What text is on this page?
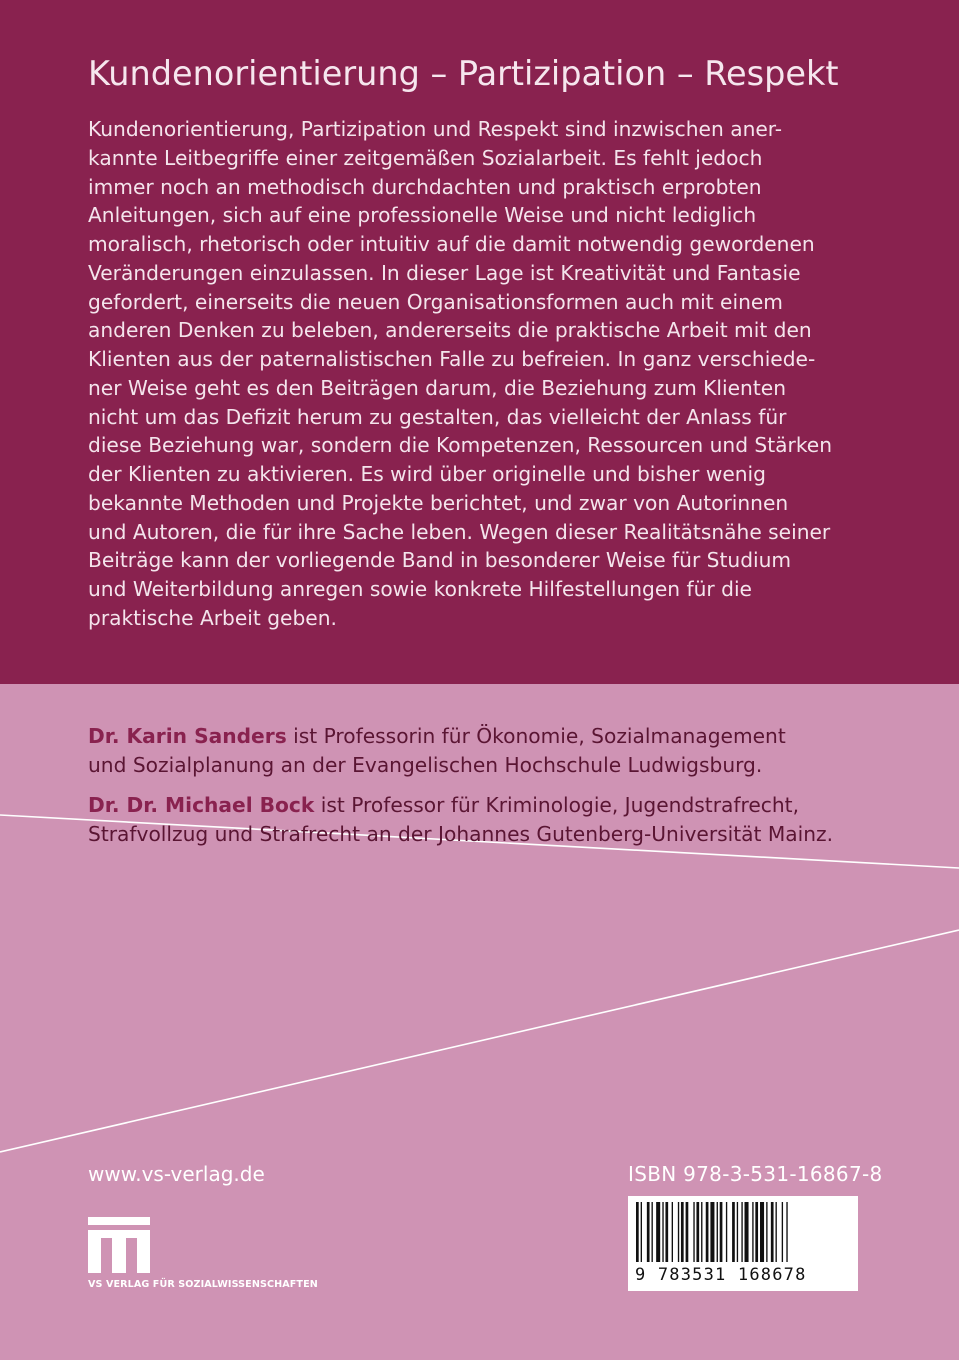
Kundenorientierung – Partizipation – Respekt
Kundenorientierung, Partizipation und Respekt sind inzwischen aner-
kannte Leitbegriffe einer zeitgemäßen Sozialarbeit. Es fehlt jedoch
immer noch an methodisch durchdachten und praktisch erprobten
Anleitungen, sich auf eine professionelle Weise und nicht lediglich
moralisch, rhetorisch oder intuitiv auf die damit notwendig gewordenen
Veränderungen einzulassen. In dieser Lage ist Kreativität und Fantasie
gefordert, einerseits die neuen Organisationsformen auch mit einem
anderen Denken zu beleben, andererseits die praktische Arbeit mit den
Klienten aus der paternalistischen Falle zu befreien. In ganz verschiede-
ner Weise geht es den Beiträgen darum, die Beziehung zum Klienten
nicht um das Defizit herum zu gestalten, das vielleicht der Anlass für
diese Beziehung war, sondern die Kompetenzen, Ressourcen und Stärken
der Klienten zu aktivieren. Es wird über originelle und bisher wenig
bekannte Methoden und Projekte berichtet, und zwar von Autorinnen
und Autoren, die für ihre Sache leben. Wegen dieser Realitätsnähe seiner
Beiträge kann der vorliegende Band in besonderer Weise für Studium
und Weiterbildung anregen sowie konkrete Hilfestellungen für die
praktische Arbeit geben.

Dr. Karin Sanders ist Professorin für Ökonomie, Sozialmanagement
und Sozialplanung an der Evangelischen Hochschule Ludwigsburg.

Dr. Dr. Michael Bock ist Professor für Kriminologie, Jugendstrafrecht,
Strafvollzug und Strafrecht an der Johannes Gutenberg-Universität Mainz.

www.vs-verlag.de
VS VERLAG FÜR SOZIALWISSENSCHAFTEN
ISBN 978-3-531-16867-8
9 783531 168678
